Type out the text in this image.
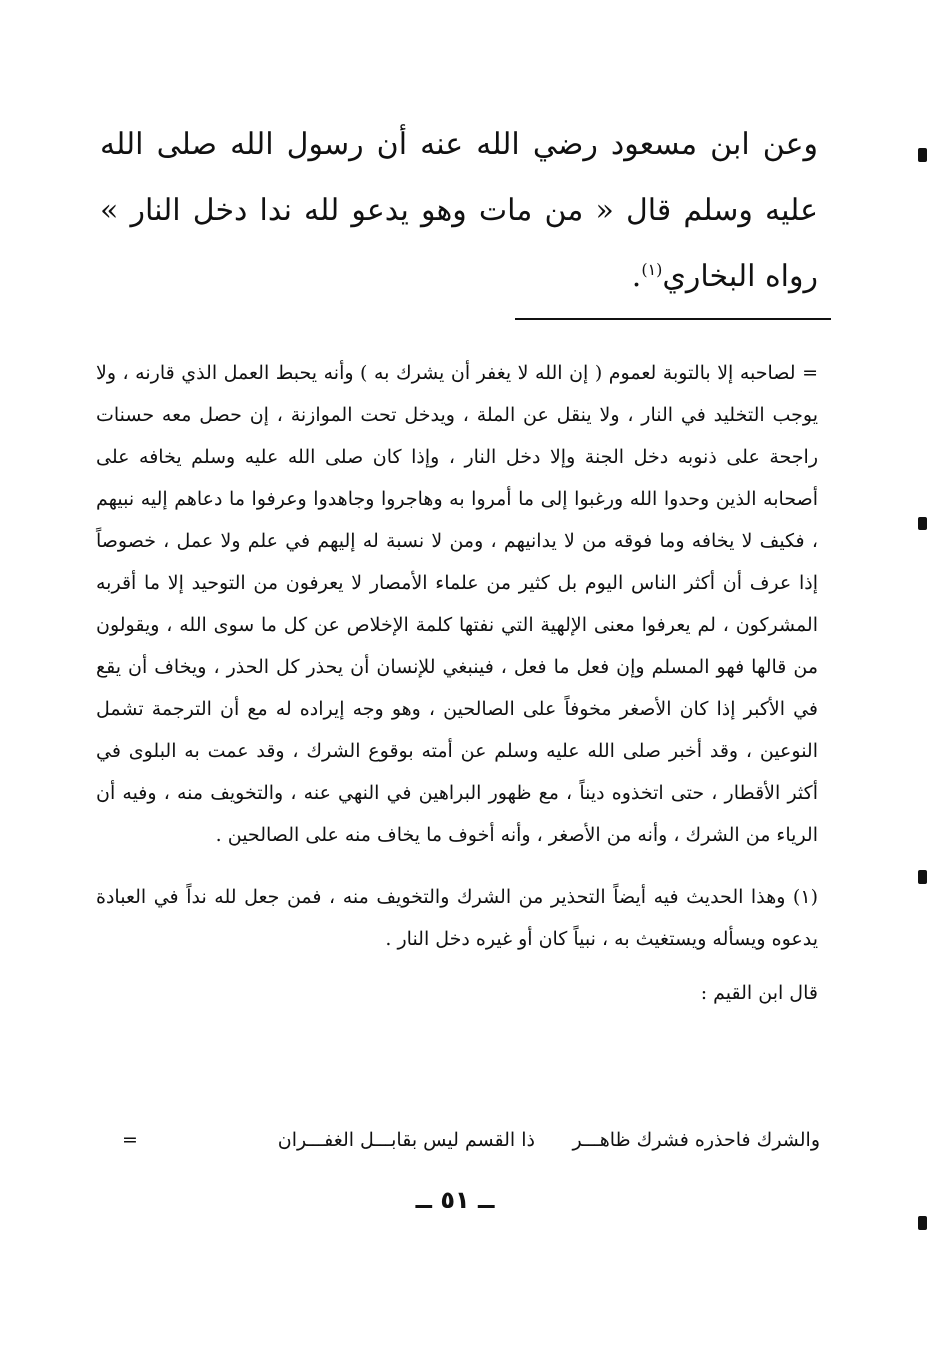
وعن ابن مسعود رضي الله عنه أن رسول الله صلى الله عليه وسلم قال « من مات وهو يدعو لله ندا دخل النار » رواه البخاري$^{(١)}$.

= لصاحبه إلا بالتوبة لعموم ( إن الله لا يغفر أن يشرك به ) وأنه يحبط العمل الذي قارنه ، ولا يوجب التخليد في النار ، ولا ينقل عن الملة ، ويدخل تحت الموازنة ، إن حصل معه حسنات راجحة على ذنوبه دخل الجنة وإلا دخل النار ، وإذا كان صلى الله عليه وسلم يخافه على أصحابه الذين وحدوا الله ورغبوا إلى ما أمروا به وهاجروا وجاهدوا وعرفوا ما دعاهم إليه نبيهم ، فكيف لا يخافه وما فوقه من لا يدانيهم ، ومن لا نسبة له إليهم في علم ولا عمل ، خصوصاً إذا عرف أن أكثر الناس اليوم بل كثير من علماء الأمصار لا يعرفون من التوحيد إلا ما أقربه المشركون ، لم يعرفوا معنى الإلهية التي نفتها كلمة الإخلاص عن كل ما سوى الله ، ويقولون من قالها فهو المسلم وإن فعل ما فعل ، فينبغي للإنسان أن يحذر كل الحذر ، ويخاف أن يقع في الأكبر إذا كان الأصغر مخوفاً على الصالحين ، وهو وجه إيراده له مع أن الترجمة تشمل النوعين ، وقد أخبر صلى الله عليه وسلم عن أمته بوقوع الشرك ، وقد عمت به البلوى في أكثر الأقطار ، حتى اتخذوه ديناً ، مع ظهور البراهين في النهي عنه ، والتخويف منه ، وفيه أن الرياء من الشرك ، وأنه من الأصغر ، وأنه أخوف ما يخاف منه على الصالحين .

(١) وهذا الحديث فيه أيضاً التحذير من الشرك والتخويف منه ، فمن جعل لله نداً في العبادة يدعوه ويسأله ويستغيث به ، نبياً كان أو غيره دخل النار .

قال ابن القيم :

والشرك فاحذره فشرك ظاهـــر
ذا القسم ليس بقابـــل الغفـــران
=
ــ ٥١ ــ
